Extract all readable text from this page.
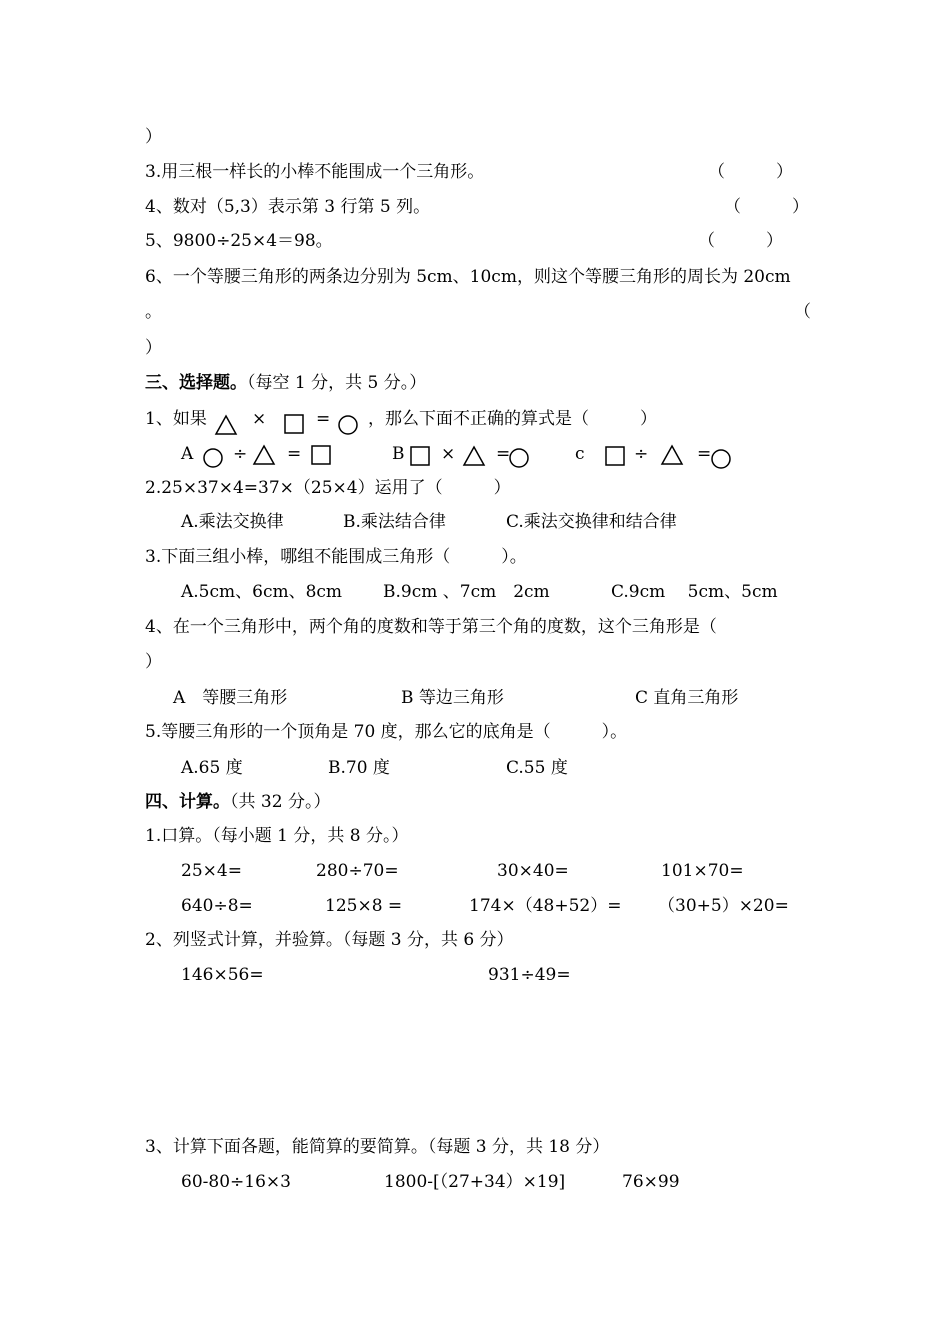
）
3.用三根一样长的小棒不能围成一个三角形。	（　　　）
4、数对（5,3）表示第 3 行第 5 列。	（　　　）
5、9800÷25×4＝98。	（　　　）
6、一个等腰三角形的两条边分别为 5cm、10cm，则这个等腰三角形的周长为 20cm
。	（
）
三、选择题。（每空 1 分，共 5 分。）
1、如果	×	= ，那么下面不正确的算式是（　　　）
A ÷ =	B × =	c	÷	=
2.25×37×4=37×（25×4）运用了（　　　）
A.乘法交换律	B.乘法结合律	C.乘法交换律和结合律
3.下面三组小棒，哪组不能围成三角形（　　　）。
A.5cm、6cm、8cm B.9cm 、7cm　2cm	C.9cm　 5cm、5cm
4、在一个三角形中，两个角的度数和等于第三个角的度数，这个三角形是（
）
A　等腰三角形	B 等边三角形	C 直角三角形
5.等腰三角形的一个顶角是 70 度，那么它的底角是（　　　）。
A.65 度	B.70 度	C.55 度
四、计算。（共 32 分。）
1.口算。（每小题 1 分，共 8 分。）
25×4=	280÷70=	30×40=	101×70=
640÷8=	125×8 =	174×（48+52）= （30+5）×20=
2、列竖式计算，并验算。（每题 3 分，共 6 分）
146×56=	931÷49=
3、计算下面各题，能简算的要简算。（每题 3 分，共 18 分）
60-80÷16×3	1800-[（27+34）×19]	76×99
